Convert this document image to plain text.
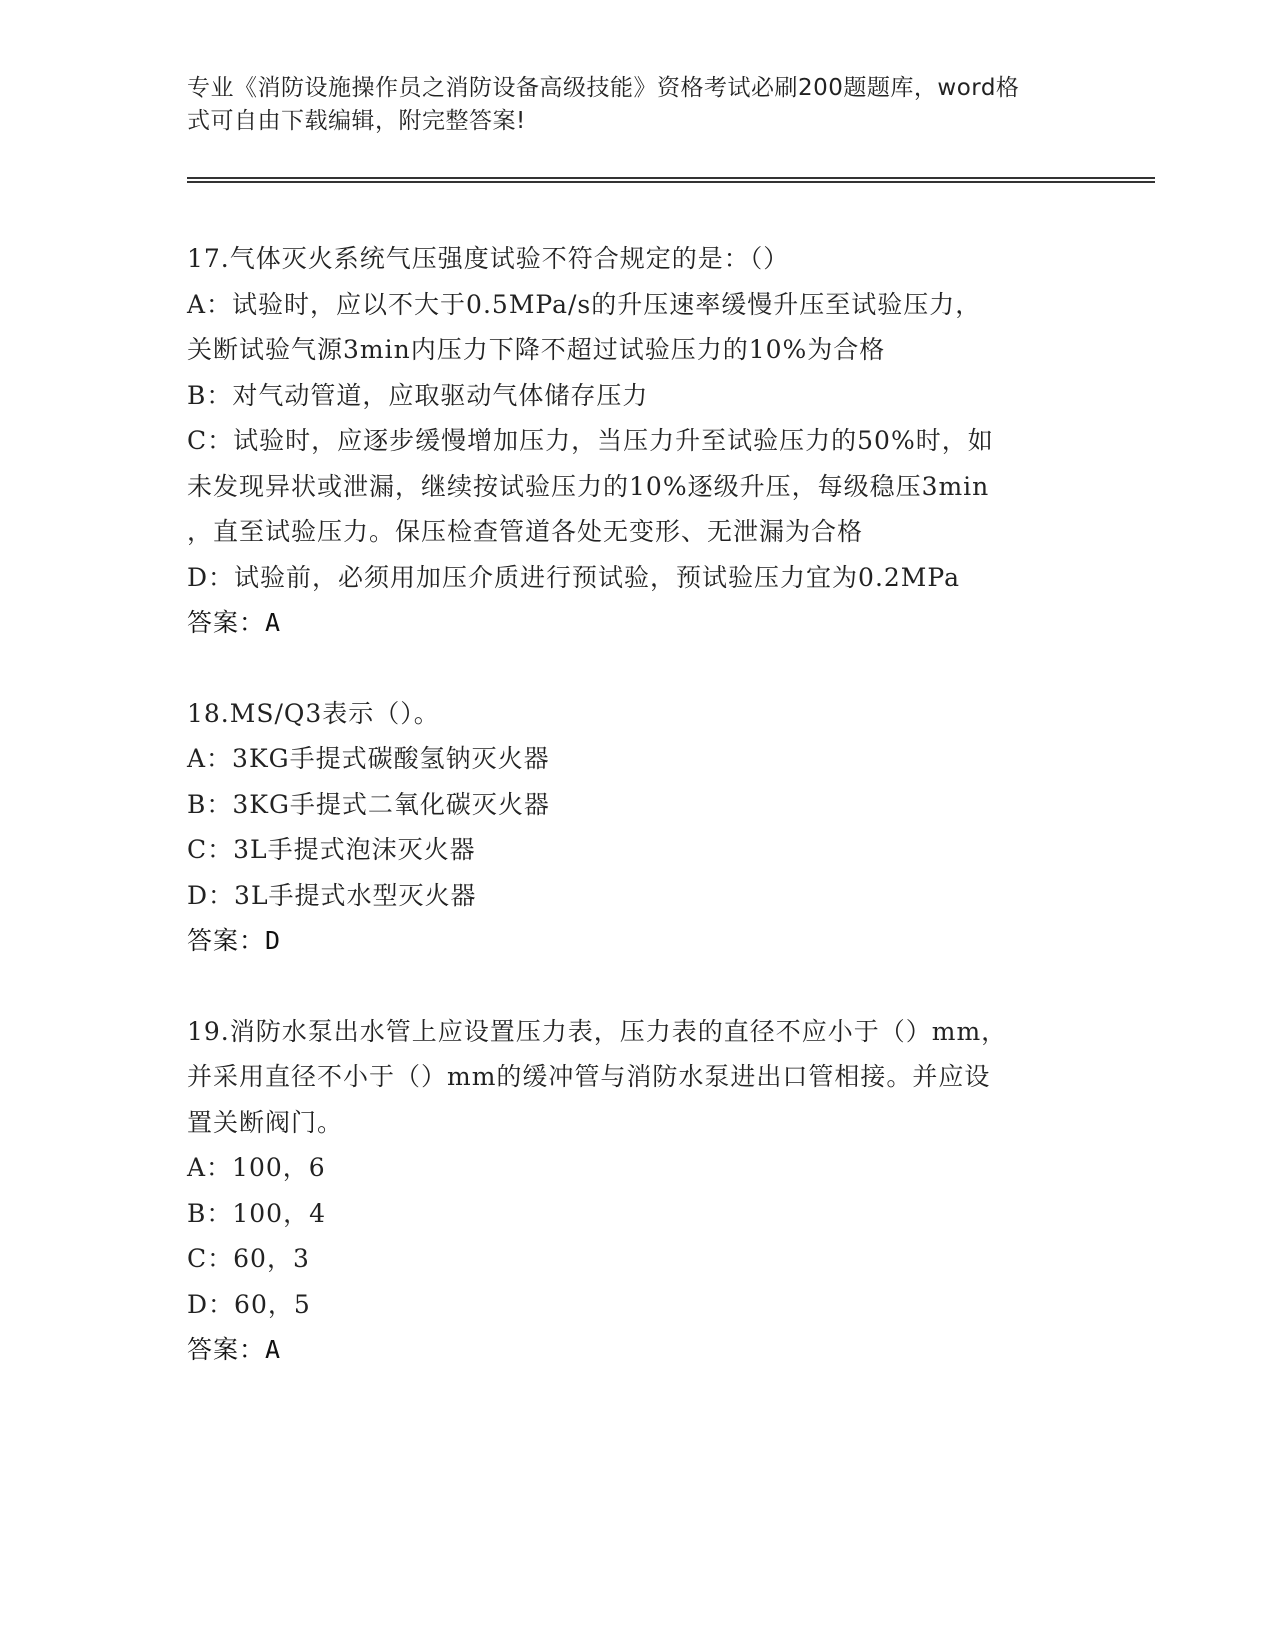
专业《消防设施操作员之消防设备高级技能》资格考试必刷200题题库，word格
式可自由下载编辑，附完整答案!
17.气体灭火系统气压强度试验不符合规定的是：（）
A：试验时，应以不大于0.5MPa/s的升压速率缓慢升压至试验压力，
关断试验气源3min内压力下降不超过试验压力的10%为合格
B：对气动管道，应取驱动气体储存压力
C：试验时，应逐步缓慢增加压力，当压力升至试验压力的50%时，如
未发现异状或泄漏，继续按试验压力的10%逐级升压，每级稳压3min
，直至试验压力。保压检查管道各处无变形、无泄漏为合格
D：试验前，必须用加压介质进行预试验，预试验压力宜为0.2MPa
答案：A
18.MS/Q3表示（）。
A：3KG手提式碳酸氢钠灭火器
B：3KG手提式二氧化碳灭火器
C：3L手提式泡沫灭火器
D：3L手提式水型灭火器
答案：D
19.消防水泵出水管上应设置压力表，压力表的直径不应小于（）mm，
并采用直径不小于（）mm的缓冲管与消防水泵进出口管相接。并应设
置关断阀门。
A：100，6
B：100，4
C：60，3
D：60，5
答案：A
